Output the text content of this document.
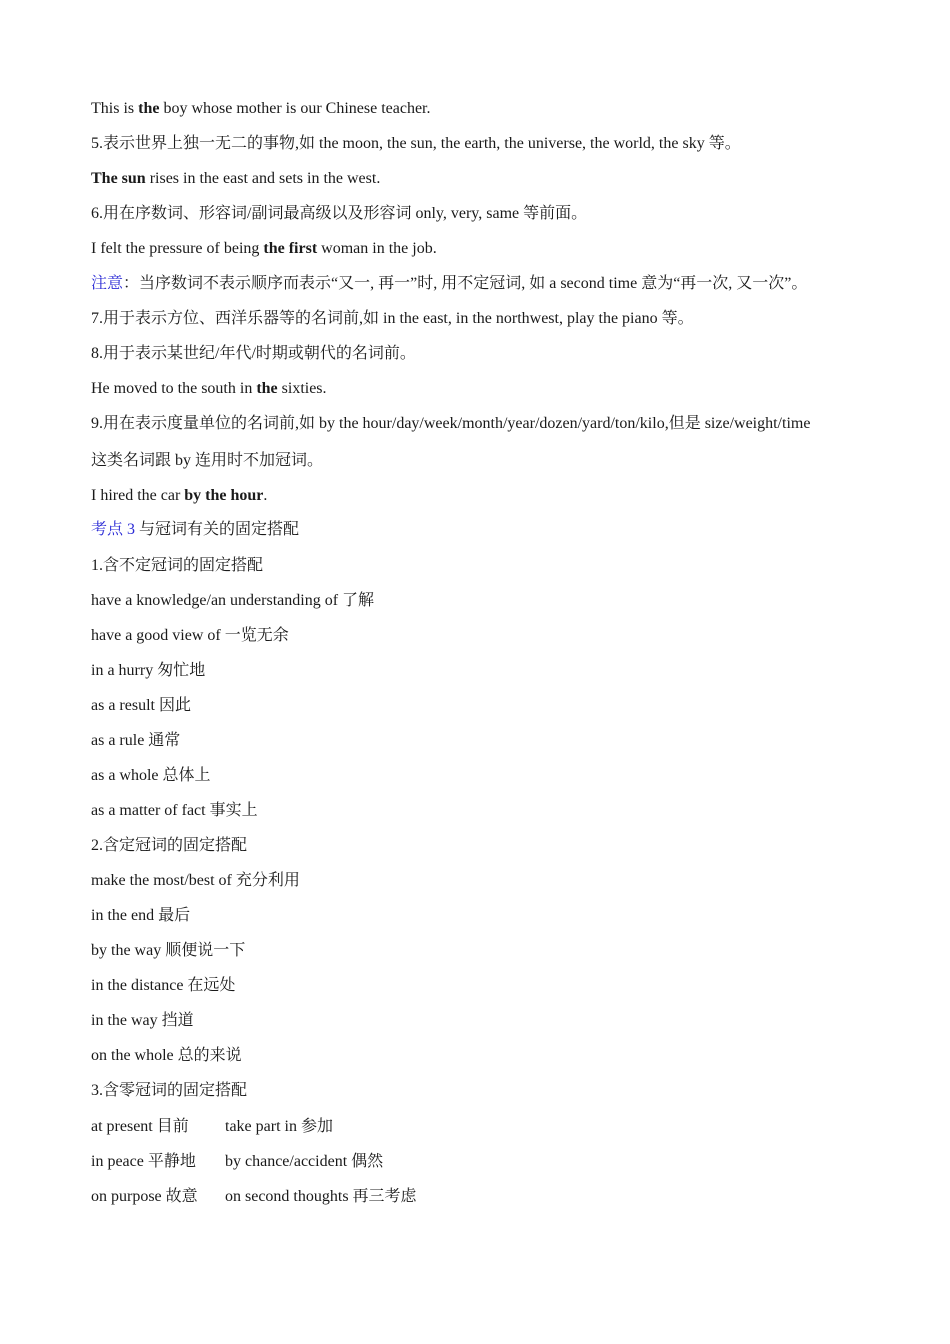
This is the boy whose mother is our Chinese teacher.
5.表示世界上独一无二的事物,如 the moon, the sun, the earth, the universe, the world, the sky 等。
The sun rises in the east and sets in the west.
6.用在序数词、形容词/副词最高级以及形容词 only, very, same 等前面。
I felt the pressure of being the first woman in the job.
注意：当序数词不表示顺序而表示“又一, 再一”时, 用不定冠词, 如 a second time 意为“再一次, 又一次”。
7.用于表示方位、西洋乐器等的名词前,如 in the east, in the northwest, play the piano 等。
8.用于表示某世纪/年代/时期或朝代的名词前。
He moved to the south in the sixties.
9.用在表示度量单位的名词前,如 by the hour/day/week/month/year/dozen/yard/ton/kilo,但是 size/weight/time
这类名词跟 by 连用时不加冠词。
I hired the car by the hour.
考点 3 与冠词有关的固定搭配
1.含不定冠词的固定搭配
have a knowledge/an understanding of 了解
have a good view of 一览无余
in a hurry 匆忙地
as a result 因此
as a rule 通常
as a whole 总体上
as a matter of fact 事实上
2.含定冠词的固定搭配
make the most/best of 充分利用
in the end 最后
by the way 顺便说一下
in the distance 在远处
in the way 挡道
on the whole 总的来说
3.含零冠词的固定搭配
at present 目前 take part in 参加
in peace 平静地 by chance/accident 偶然
on purpose 故意 on second thoughts 再三考虑
